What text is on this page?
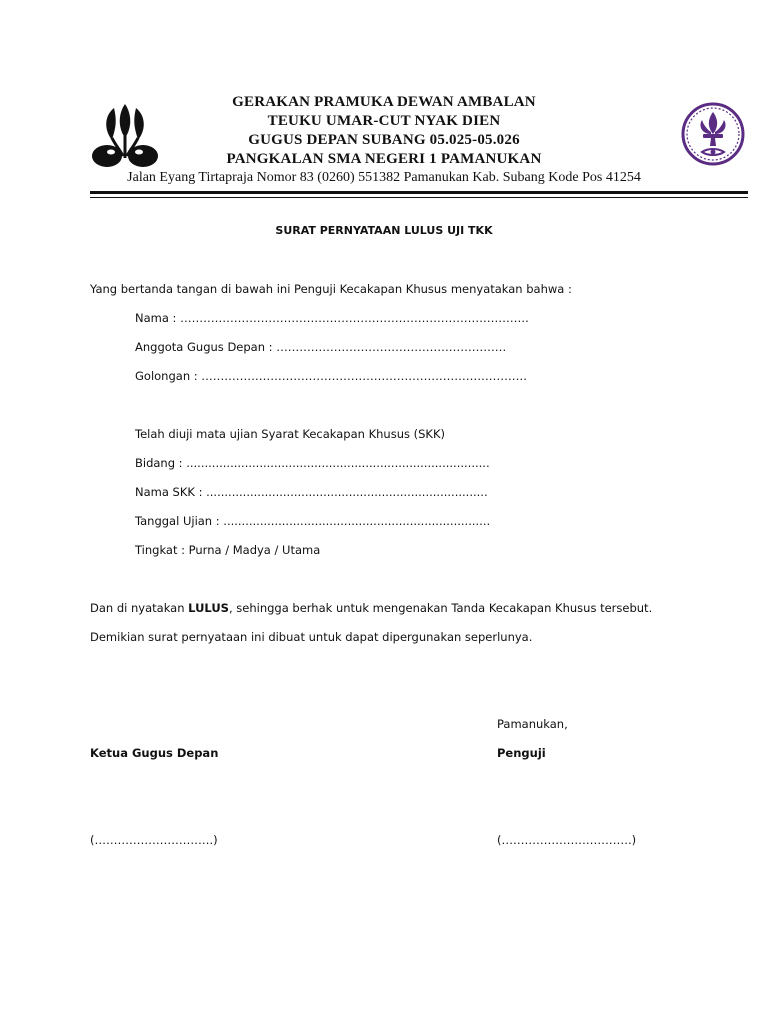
GERAKAN PRAMUKA DEWAN AMBALAN
TEUKU UMAR-CUT NYAK DIEN
GUGUS DEPAN SUBANG 05.025-05.026
PANGKALAN SMA NEGERI 1 PAMANUKAN
Jalan Eyang Tirtapraja Nomor 83 (0260) 551382 Pamanukan Kab. Subang Kode Pos 41254
SURAT PERNYATAAN LULUS UJI TKK
Yang bertanda tangan di bawah ini Penguji Kecakapan Khusus menyatakan bahwa :
Nama : ……………………………………………………………………………….
Anggota Gugus Depan : ……………………………………………………
Golongan : ………………………………………………………………………….
Telah diuji mata ujian Syarat Kecakapan Khusus (SKK)
Bidang : ...................................................................................
Nama SKK : .............................................................................
Tanggal Ujian : .........................................................................
Tingkat : Purna / Madya / Utama
Dan di nyatakan LULUS, sehingga berhak untuk mengenakan Tanda Kecakapan Khusus tersebut.
Demikian surat pernyataan ini dibuat untuk dapat dipergunakan seperlunya.
Pamanukan,
Ketua Gugus Depan	Penguji
(………………………….)	(…………………………….)
